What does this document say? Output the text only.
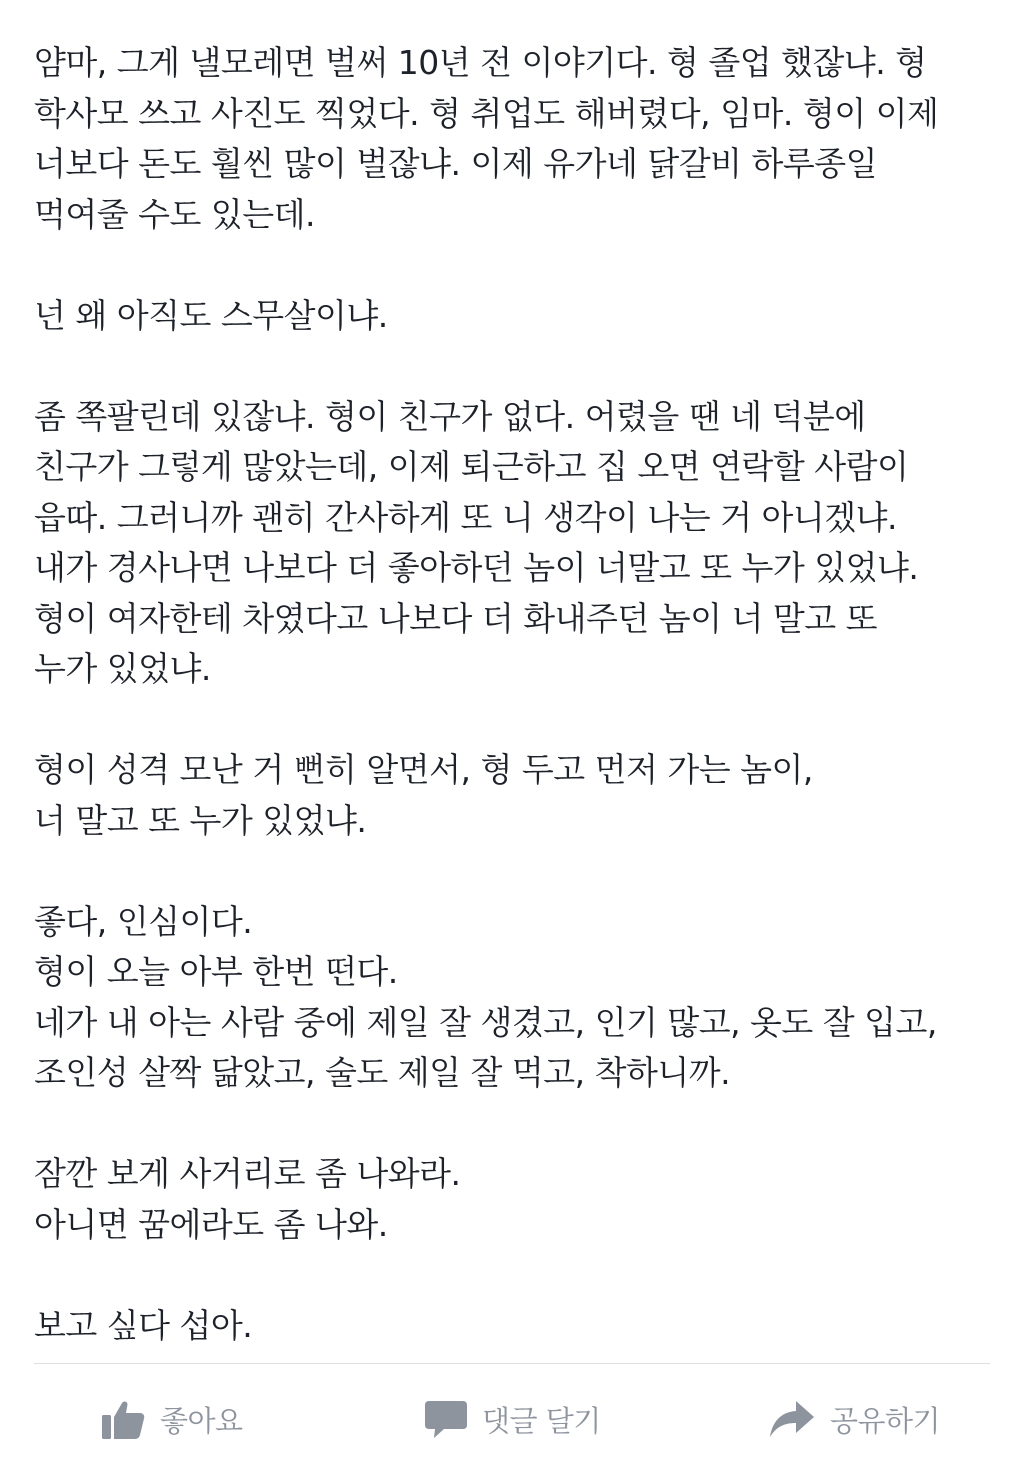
얌마, 그게 낼모레면 벌써 10년 전 이야기다. 형 졸업 했잖냐. 형
학사모 쓰고 사진도 찍었다. 형 취업도 해버렸다, 임마. 형이 이제
너보다 돈도 훨씬 많이 벌잖냐. 이제 유가네 닭갈비 하루종일
먹여줄 수도 있는데.
넌 왜 아직도 스무살이냐.
좀 쪽팔린데 있잖냐. 형이 친구가 없다. 어렸을 땐 네 덕분에
친구가 그렇게 많았는데, 이제 퇴근하고 집 오면 연락할 사람이
읍따. 그러니까 괜히 간사하게 또 니 생각이 나는 거 아니겠냐.
내가 경사나면 나보다 더 좋아하던 놈이 너말고 또 누가 있었냐.
형이 여자한테 차였다고 나보다 더 화내주던 놈이 너 말고 또
누가 있었냐.
형이 성격 모난 거 뻔히 알면서, 형 두고 먼저 가는 놈이,
너 말고 또 누가 있었냐.
좋다, 인심이다.
형이 오늘 아부 한번 떤다.
네가 내 아는 사람 중에 제일 잘 생겼고, 인기 많고, 옷도 잘 입고,
조인성 살짝 닮았고, 술도 제일 잘 먹고, 착하니까.
잠깐 보게 사거리로 좀 나와라.
아니면 꿈에라도 좀 나와.
보고 싶다 섭아.
좋아요	댓글 달기	공유하기
